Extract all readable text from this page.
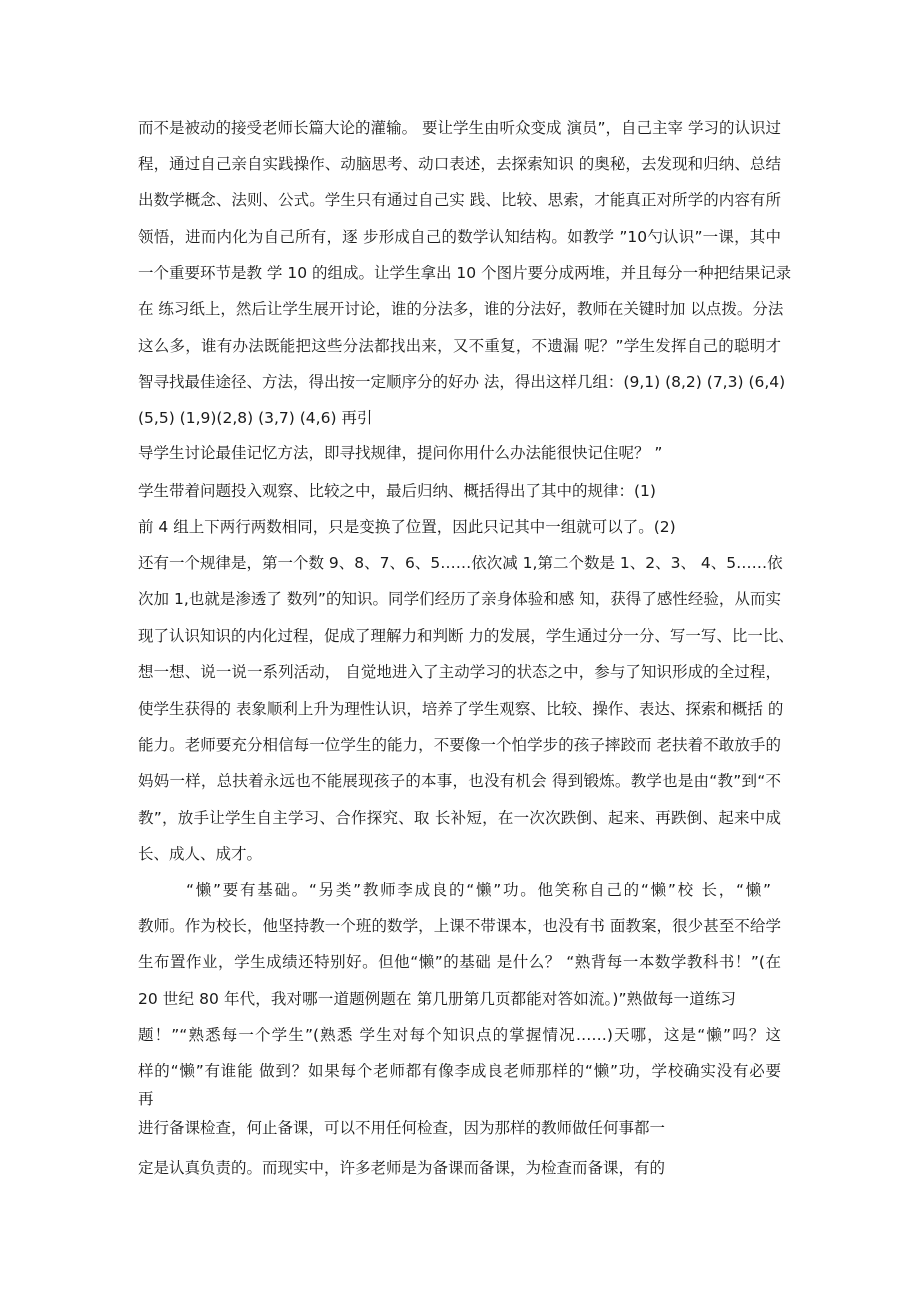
而不是被动的接受老师长篇大论的灌输。 要让学生由听众变成 演员”，自己主宰 学习的认识过
程，通过自己亲自实践操作、动脑思考、动口表述，去探索知识 的奥秘，去发现和归纳、总结
出数学概念、法则、公式。学生只有通过自己实 践、比较、思索，才能真正对所学的内容有所
领悟，进而内化为自己所有，逐 步形成自己的数学认知结构。如教学 ”10勺认识”一课，其中
一个重要环节是教 学 10 的组成。让学生拿出 10 个图片要分成两堆，并且每分一种把结果记录
在 练习纸上，然后让学生展开讨论，谁的分法多，谁的分法好，教师在关键时加 以点拨。分法
这么多，谁有办法既能把这些分法都找出来，又不重复，不遗漏 呢？”学生发挥自己的聪明才
智寻找最佳途径、方法，得出按一定顺序分的好办 法，得出这样几组：(9,1) (8,2) (7,3) (6,4)
(5,5) (1,9)(2,8) (3,7) (4,6) 再引
导学生讨论最佳记忆方法，即寻找规律，提问你用什么办法能很快记住呢？ ”
学生带着问题投入观察、比较之中，最后归纳、概括得出了其中的规律：(1)
前 4 组上下两行两数相同，只是变换了位置，因此只记其中一组就可以了。(2)
还有一个规律是，第一个数 9、8、7、6、5……依次减 1,第二个数是 1、2、3、 4、5……依
次加 1,也就是渗透了 数列”的知识。同学们经历了亲身体验和感 知，获得了感性经验，从而实
现了认识知识的内化过程，促成了理解力和判断 力的发展，学生通过分一分、写一写、比一比、
想一想、说一说一系列活动， 自觉地进入了主动学习的状态之中，参与了知识形成的全过程，
使学生获得的 表象顺利上升为理性认识，培养了学生观察、比较、操作、表达、探索和概括 的
能力。老师要充分相信每一位学生的能力，不要像一个怕学步的孩子摔跤而 老扶着不敢放手的
妈妈一样，总扶着永远也不能展现孩子的本事，也没有机会 得到锻炼。教学也是由“教”到“不
教”，放手让学生自主学习、合作探究、取 长补短，在一次次跌倒、起来、再跌倒、起来中成
长、成人、成才。
“懒”要有基础。“另类”教师李成良的“懒”功。他笑称自己的“懒”校 长，“懒”
教师。作为校长，他坚持教一个班的数学，上课不带课本，也没有书 面教案，很少甚至不给学
生布置作业，学生成绩还特别好。但他“懒”的基础 是什么？ “熟背每一本数学教科书！”(在
20 世纪 80 年代，我对哪一道题例题在 第几册第几页都能对答如流。)”熟做每一道练习
题！”“熟悉每一个学生”(熟悉 学生对每个知识点的掌握情况……)天哪，这是“懒”吗？这
样的“懒”有谁能 做到？如果每个老师都有像李成良老师那样的“懒”功，学校确实没有必要
再
进行备课检查，何止备课，可以不用任何检查，因为那样的教师做任何事都一
定是认真负责的。而现实中，许多老师是为备课而备课，为检查而备课，有的
